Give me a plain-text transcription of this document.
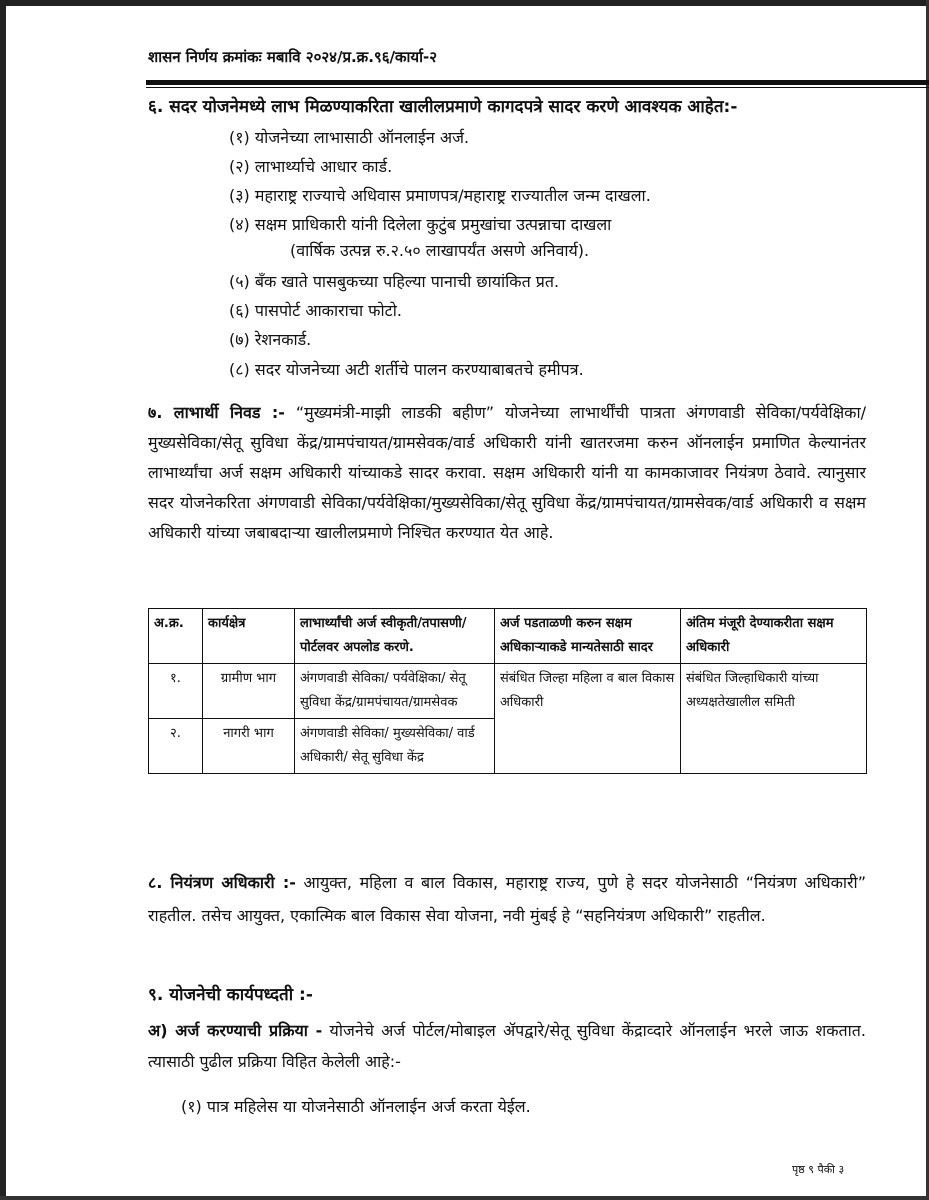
शासन निर्णय क्रमांकः मबावि २०२४/प्र.क्र.९६/कार्या-२
६. सदर योजनेमध्ये लाभ मिळण्याकरिता खालीलप्रमाणे कागदपत्रे सादर करणे आवश्यक आहेत:-
(१) योजनेच्या लाभासाठी ऑनलाईन अर्ज.
(२) लाभार्थ्याचे आधार कार्ड.
(३) महाराष्ट्र राज्याचे अधिवास प्रमाणपत्र/महाराष्ट्र राज्यातील जन्म दाखला.
(४) सक्षम प्राधिकारी यांनी दिलेला कुटुंब प्रमुखांचा उत्पन्नाचा दाखला
(वार्षिक उत्पन्न रु.२.५० लाखापर्यंत असणे अनिवार्य).
(५) बँक खाते पासबुकच्या पहिल्या पानाची छायांकित प्रत.
(६) पासपोर्ट आकाराचा फोटो.
(७) रेशनकार्ड.
(८) सदर योजनेच्या अटी शर्तीचे पालन करण्याबाबतचे हमीपत्र.
७. लाभार्थी निवड :- “मुख्यमंत्री-माझी लाडकी बहीण” योजनेच्या लाभार्थींची पात्रता अंगणवाडी सेविका/पर्यवेक्षिका/मुख्यसेविका/सेतू सुविधा केंद्र/ग्रामपंचायत/ग्रामसेवक/वार्ड अधिकारी यांनी खातरजमा करुन ऑनलाईन प्रमाणित केल्यानंतर लाभार्थ्यांचा अर्ज सक्षम अधिकारी यांच्याकडे सादर करावा. सक्षम अधिकारी यांनी या कामकाजावर नियंत्रण ठेवावे. त्यानुसार सदर योजनेकरिता अंगणवाडी सेविका/पर्यवेक्षिका/मुख्यसेविका/सेतू सुविधा केंद्र/ग्रामपंचायत/ग्रामसेवक/वार्ड अधिकारी व सक्षम अधिकारी यांच्या जबाबदाऱ्या खालीलप्रमाणे निश्चित करण्यात येत आहे.
अ.क्र.	कार्यक्षेत्र	लाभार्थ्यांची अर्ज स्वीकृती/तपासणी/पोर्टलवर अपलोड करणे.	अर्ज पडताळणी करुन सक्षम अधिकाऱ्याकडे मान्यतेसाठी सादर	अंतिम मंजूरी देण्याकरीता सक्षम अधिकारी
१.	ग्रामीण भाग	अंगणवाडी सेविका/ पर्यवेक्षिका/ सेतू सुविधा केंद्र/ग्रामपंचायत/ग्रामसेवक	संबंधित जिल्हा महिला व बाल विकास अधिकारी	संबंधित जिल्हाधिकारी यांच्या अध्यक्षतेखालील समिती
२.	नागरी भाग	अंगणवाडी सेविका/ मुख्यसेविका/ वार्ड अधिकारी/ सेतू सुविधा केंद्र		
८. नियंत्रण अधिकारी :- आयुक्त, महिला व बाल विकास, महाराष्ट्र राज्य, पुणे हे सदर योजनेसाठी “नियंत्रण अधिकारी” राहतील. तसेच आयुक्त, एकात्मिक बाल विकास सेवा योजना, नवी मुंबई हे “सहनियंत्रण अधिकारी” राहतील.
९. योजनेची कार्यपध्दती :-
अ) अर्ज करण्याची प्रक्रिया - योजनेचे अर्ज पोर्टल/मोबाइल ॲपद्वारे/सेतू सुविधा केंद्राव्दारे ऑनलाईन भरले जाऊ शकतात. त्यासाठी पुढील प्रक्रिया विहित केलेली आहे:-
(१) पात्र महिलेस या योजनेसाठी ऑनलाईन अर्ज करता येईल.
पृष्ठ ९ पैकी ३
